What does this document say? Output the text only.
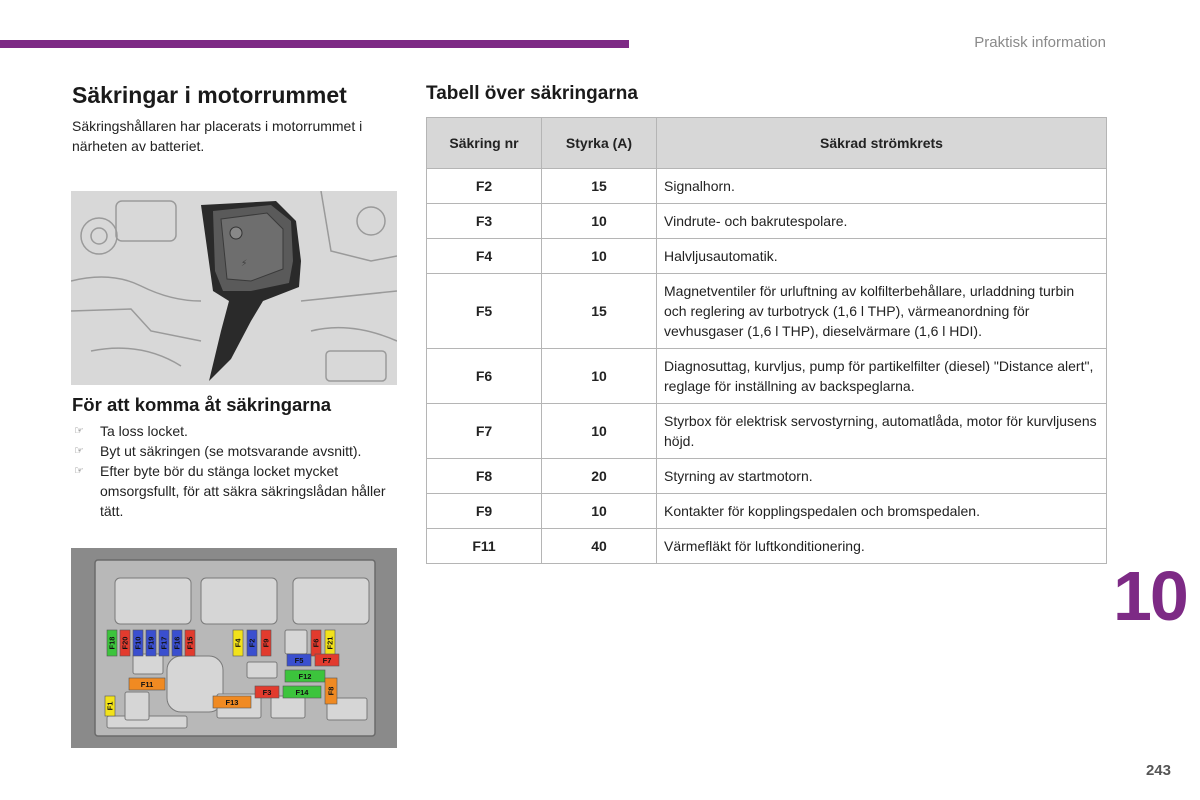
Praktisk information
Säkringar i motorrummet
Säkringshållaren har placerats i motorrummet i närheten av batteriet.
⚡
För att komma åt säkringarna
☞ Ta loss locket.
☞ Byt ut säkringen (se motsvarande avsnitt).
☞ Efter byte bör du stänga locket mycket omsorgsfullt, för att säkra säkringslådan håller tätt.
F18 F20 F10 F19 F17 F16 F15	F4 F2 F9	F6 F21
F5	F7
F11
F12
F14 F8
F3
F13
F1
Tabell över säkringarna
Säkring nr	Styrka (A)	Säkrad strömkrets
F2	15	Signalhorn.
F3	10	Vindrute- och bakrutespolare.
F4	10	Halvljusautomatik.
F5	15	Magnetventiler för urluftning av kolfilterbehållare, urladdning turbin och reglering av turbotryck (1,6 l THP), värmeanordning för vevhusgaser (1,6 l THP), dieselvärmare (1,6 l HDI).
F6	10	Diagnosuttag, kurvljus, pump för partikelfilter (diesel) "Distance alert", reglage för inställning av backspeglarna.
F7	10	Styrbox för elektrisk servostyrning, automatlåda, motor för kurvljusens höjd.
F8	20	Styrning av startmotorn.
F9	10	Kontakter för kopplingspedalen och bromspedalen.
F11	40	Värmefläkt för luftkonditionering.
10
243
